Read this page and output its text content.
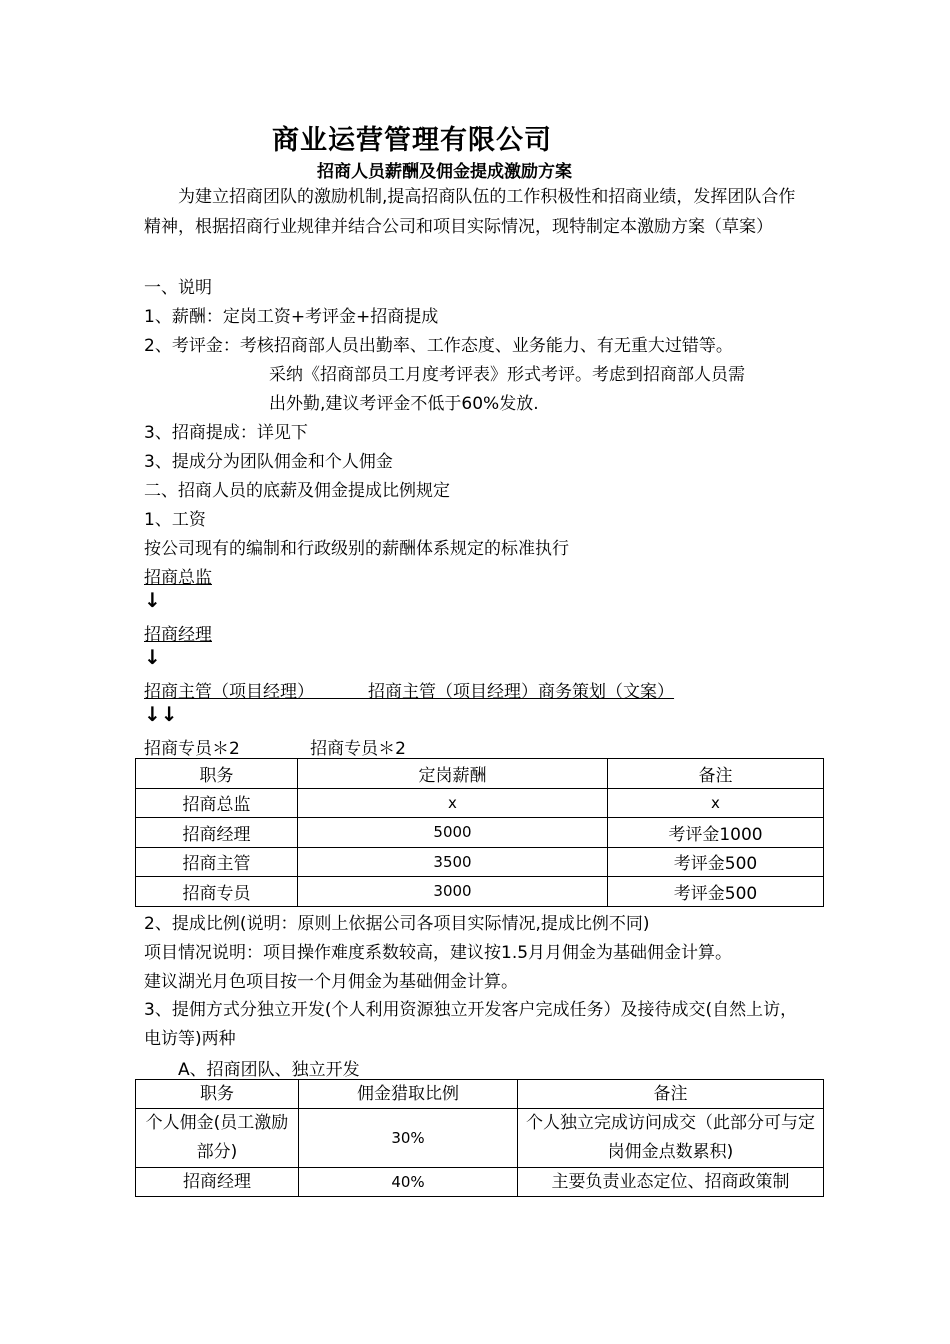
商业运营管理有限公司
招商人员薪酬及佣金提成激励方案
为建立招商团队的激励机制,提高招商队伍的工作积极性和招商业绩，发挥团队合作精神，根据招商行业规律并结合公司和项目实际情况，现特制定本激励方案（草案）
一、说明
1、薪酬：定岗工资+考评金+招商提成
2、考评金：考核招商部人员出勤率、工作态度、业务能力、有无重大过错等。
采纳《招商部员工月度考评表》形式考评。考虑到招商部人员需
出外勤,建议考评金不低于60%发放.
3、招商提成：详见下
3、提成分为团队佣金和个人佣金
二、招商人员的底薪及佣金提成比例规定
1、工资
按公司现有的编制和行政级别的薪酬体系规定的标准执行
招商总监
↓
招商经理
↓
招商主管（项目经理）          招商主管（项目经理）商务策划（文案）
↓↓
招商专员＊2             招商专员＊2
职务	定岗薪酬	备注
招商总监	x	x
招商经理	5000	考评金1000
招商主管	3500	考评金500
招商专员	3000	考评金500
2、提成比例(说明：原则上依据公司各项目实际情况,提成比例不同)
项目情况说明：项目操作难度系数较高，建议按1.5月月佣金为基础佣金计算。
建议湖光月色项目按一个月佣金为基础佣金计算。
3、提佣方式分独立开发(个人利用资源独立开发客户完成任务）及接待成交(自然上访，电访等)两种
A、招商团队、独立开发
职务	佣金猎取比例	备注
个人佣金(员工激励部分)	30%	个人独立完成访问成交（此部分可与定岗佣金点数累积)
招商经理	40%	主要负责业态定位、招商政策制
